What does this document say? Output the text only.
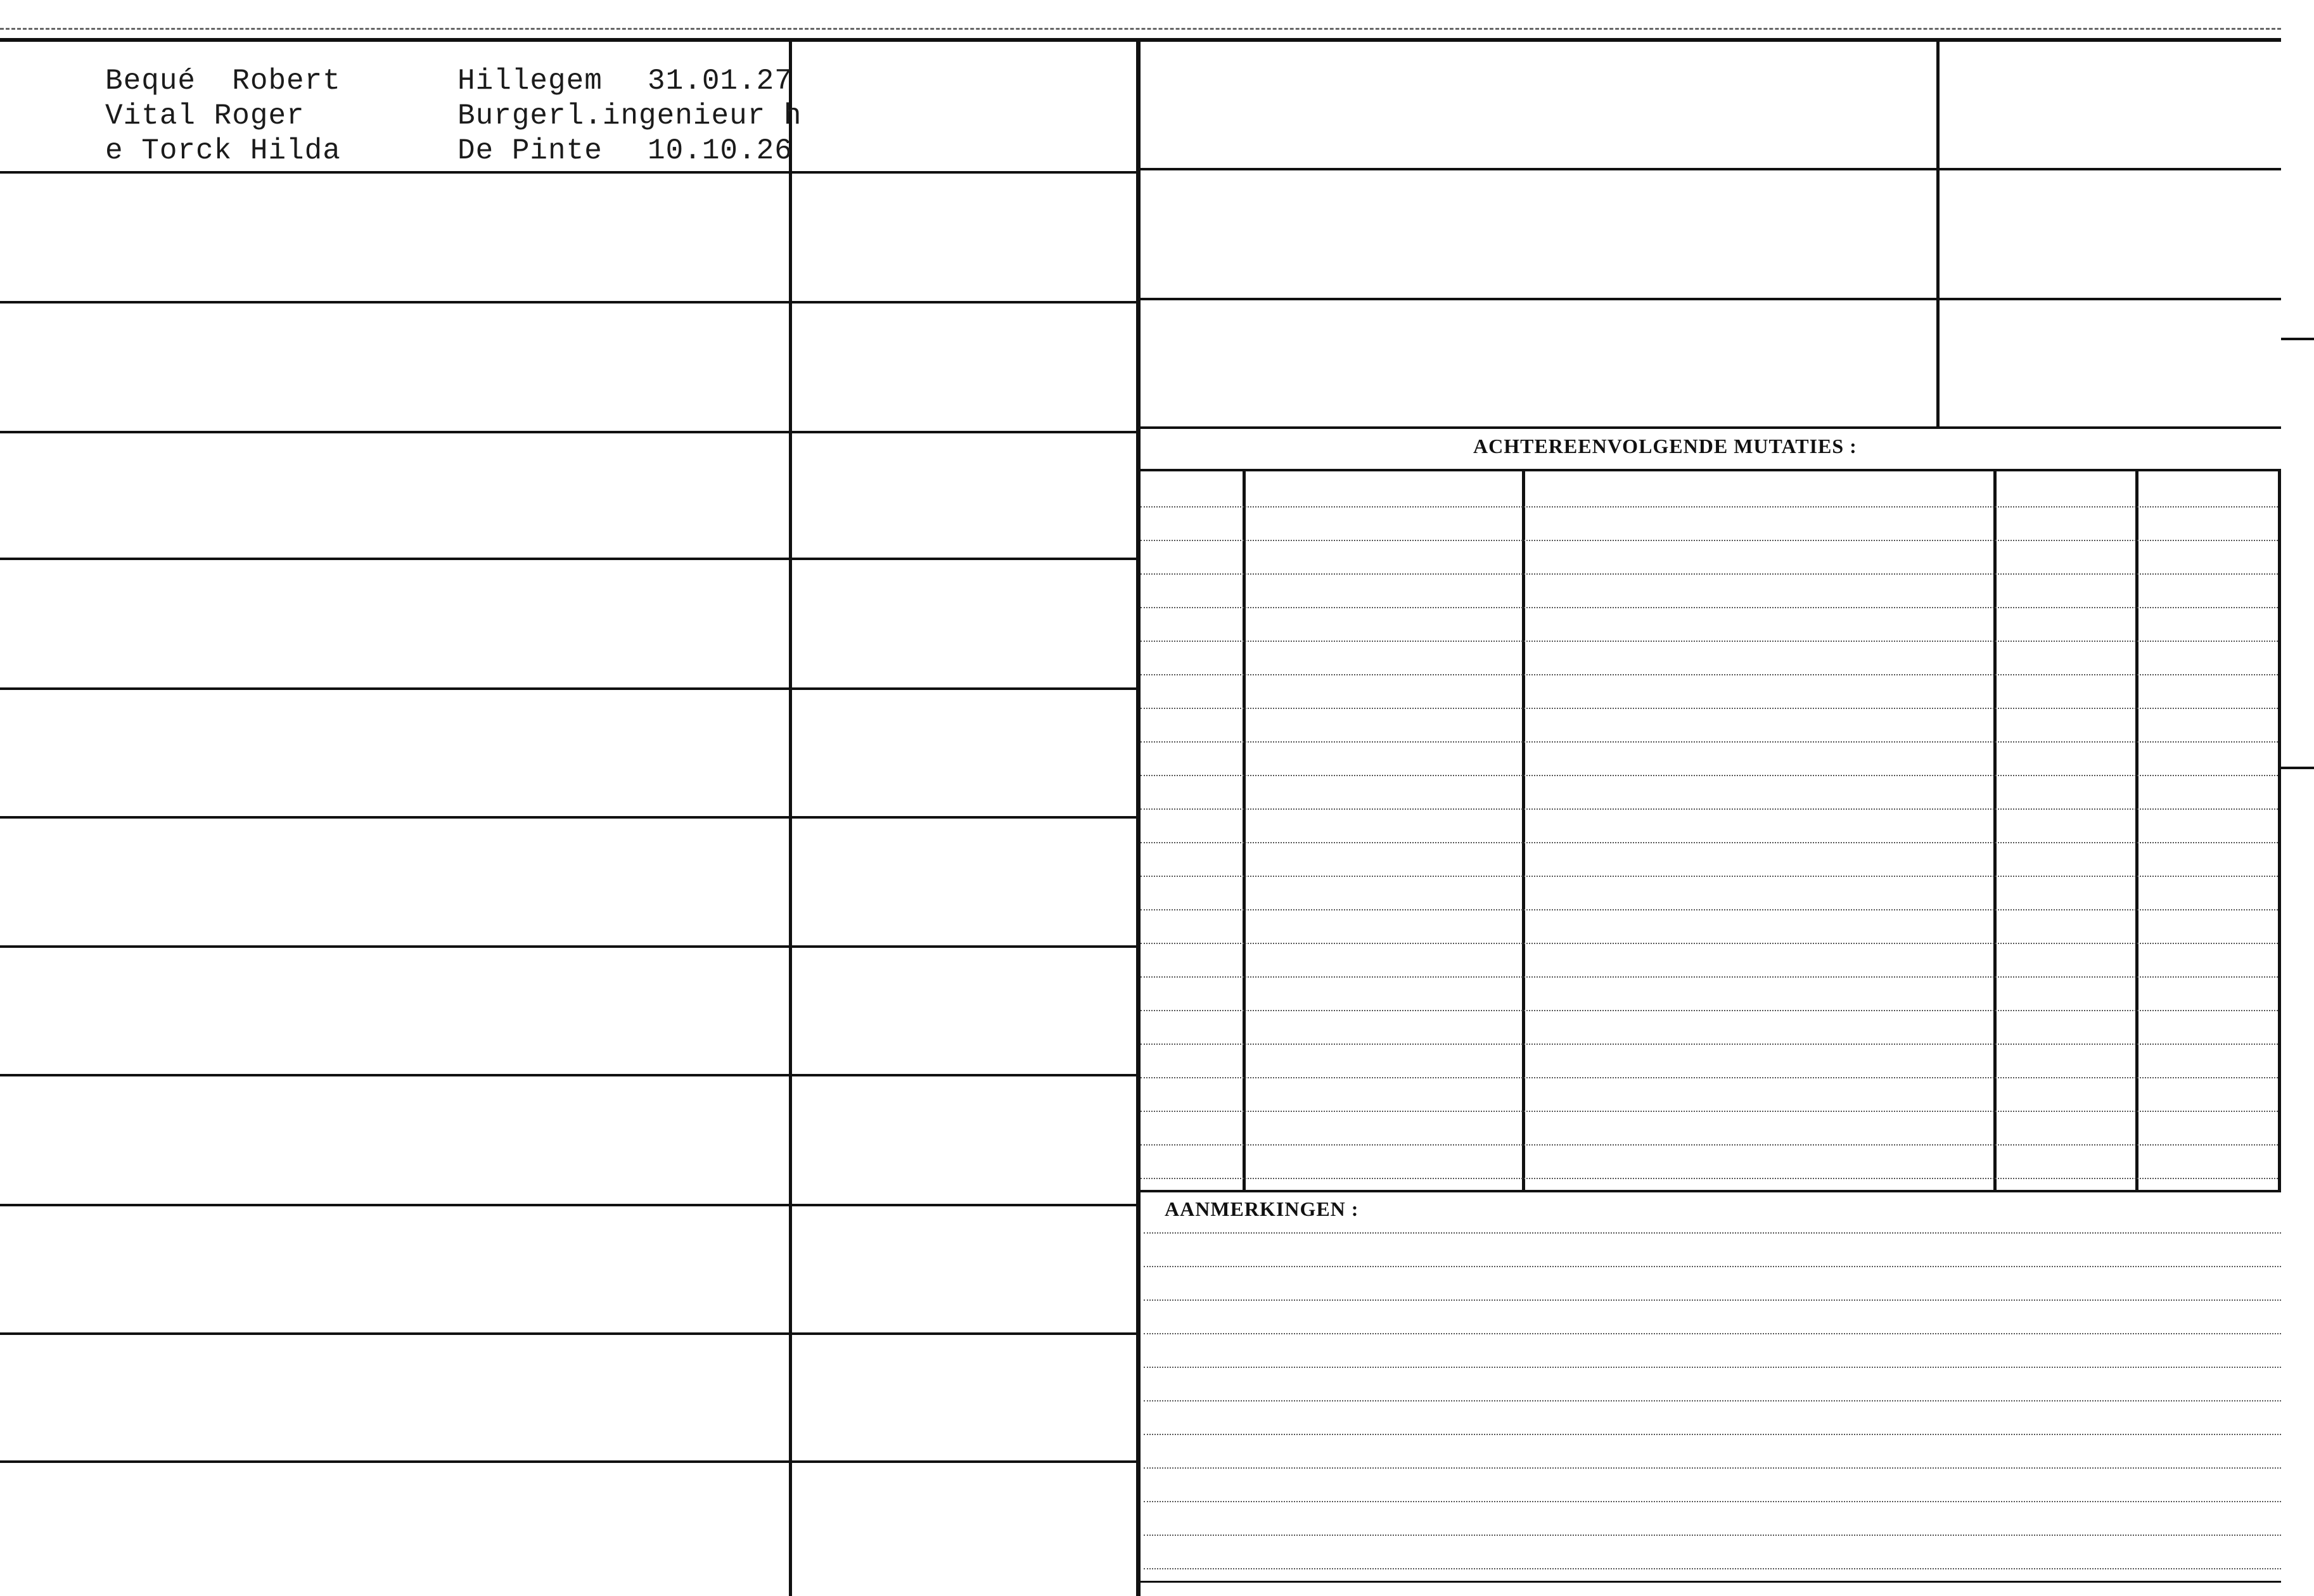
ACHTEREENVOLGENDE MUTATIES :
AANMERKINGEN :
Bequé  Robert
Vital Roger
e Torck Hilda
Hillegem
Burgerl.ingenieur h
De Pinte
31.01.27
10.10.26
